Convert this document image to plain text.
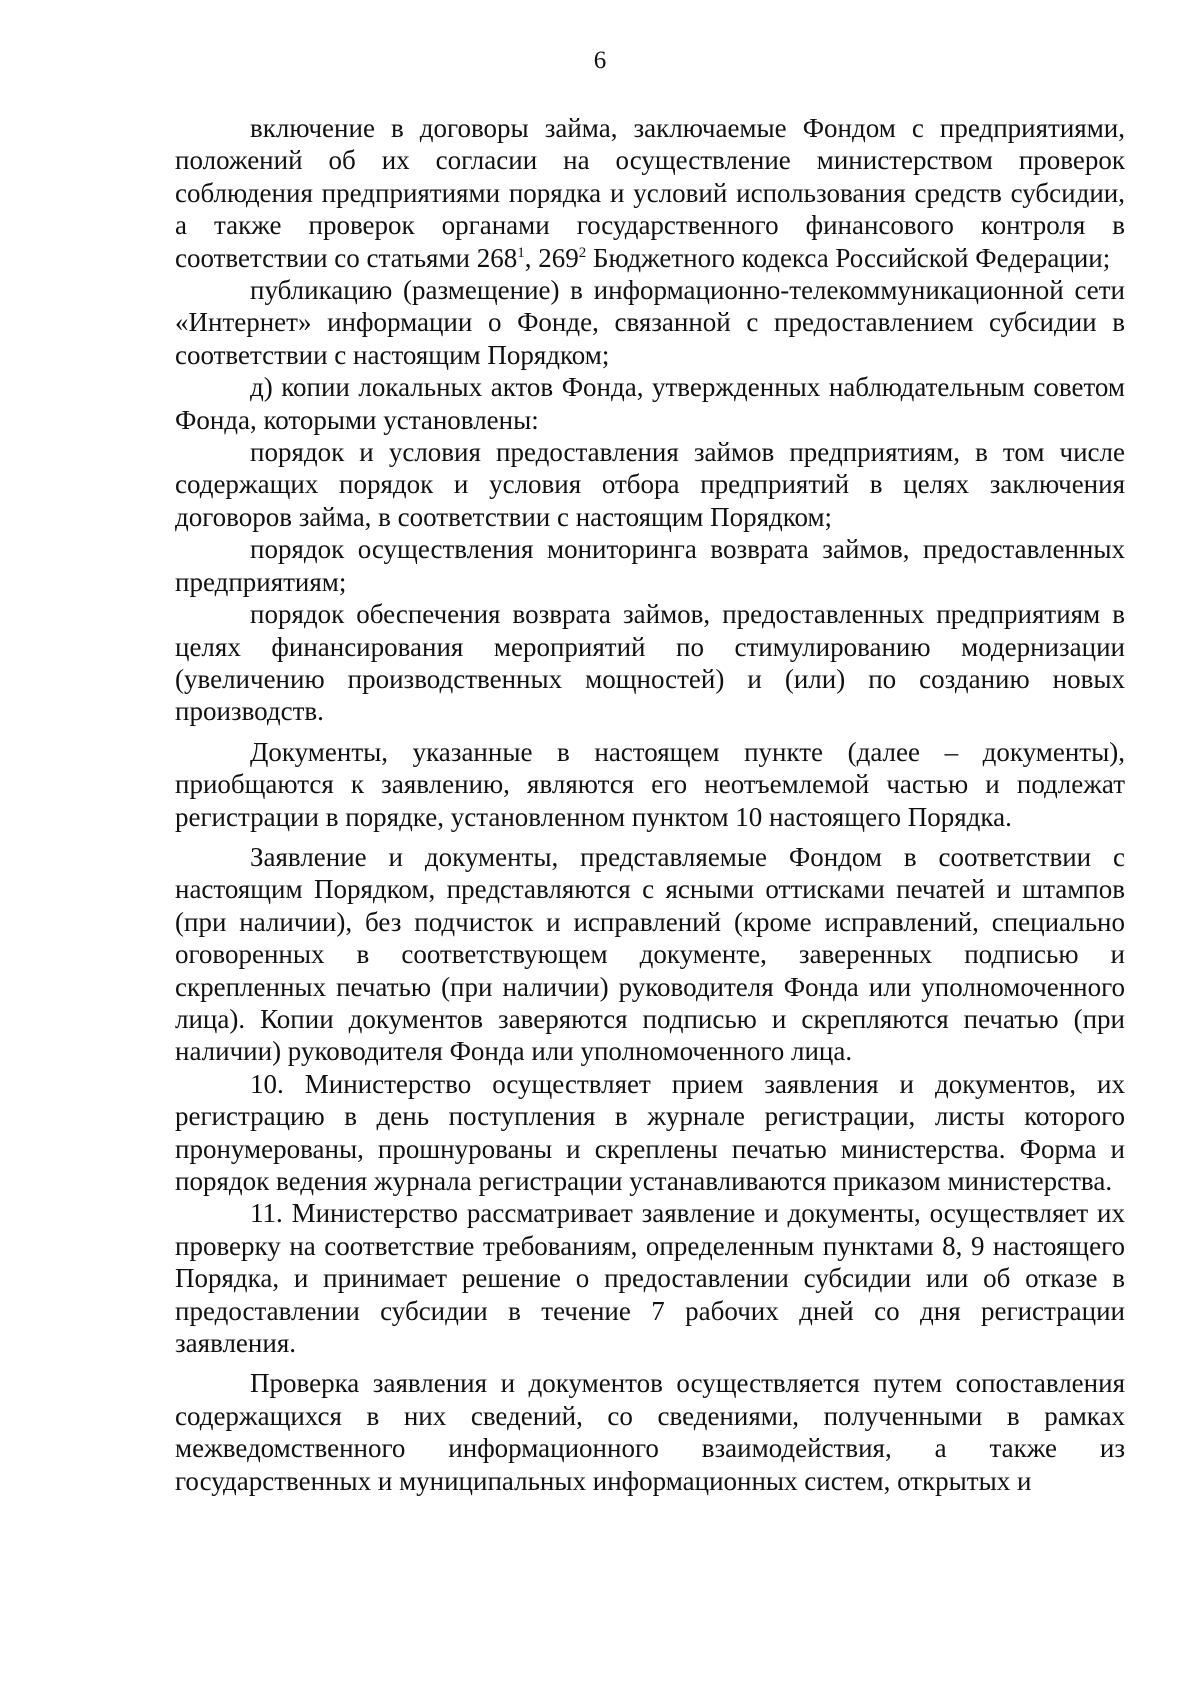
6

включение в договоры займа, заключаемые Фондом с предприятиями, положений об их согласии на осуществление министерством проверок соблюдения предприятиями порядка и условий использования средств субсидии, а также проверок органами государственного финансового контроля в соответствии со статьями $268^1$, $269^2$ Бюджетного кодекса Российской Федерации;

публикацию (размещение) в информационно-телекоммуникационной сети «Интернет» информации о Фонде, связанной с предоставлением субсидии в соответствии с настоящим Порядком;

д) копии локальных актов Фонда, утвержденных наблюдательным советом Фонда, которыми установлены:

порядок и условия предоставления займов предприятиям, в том числе содержащих порядок и условия отбора предприятий в целях заключения договоров займа, в соответствии с настоящим Порядком;

порядок осуществления мониторинга возврата займов, предоставленных предприятиям;

порядок обеспечения возврата займов, предоставленных предприятиям в целях финансирования мероприятий по стимулированию модернизации (увеличению производственных мощностей) и (или) по созданию новых производств.

Документы, указанные в настоящем пункте (далее – документы), приобщаются к заявлению, являются его неотъемлемой частью и подлежат регистрации в порядке, установленном пунктом 10 настоящего Порядка.

Заявление и документы, представляемые Фондом в соответствии с настоящим Порядком, представляются с ясными оттисками печатей и штампов (при наличии), без подчисток и исправлений (кроме исправлений, специально оговоренных в соответствующем документе, заверенных подписью и скрепленных печатью (при наличии) руководителя Фонда или уполномоченного лица). Копии документов заверяются подписью и скрепляются печатью (при наличии) руководителя Фонда или уполномоченного лица.

10. Министерство осуществляет прием заявления и документов, их регистрацию в день поступления в журнале регистрации, листы которого пронумерованы, прошнурованы и скреплены печатью министерства. Форма и порядок ведения журнала регистрации устанавливаются приказом министерства.

11. Министерство рассматривает заявление и документы, осуществляет их проверку на соответствие требованиям, определенным пунктами 8, 9 настоящего Порядка, и принимает решение о предоставлении субсидии или об отказе в предоставлении субсидии в течение 7 рабочих дней со дня регистрации заявления.

Проверка заявления и документов осуществляется путем сопоставления содержащихся в них сведений, со сведениями, полученными в рамках межведомственного информационного взаимодействия, а также из государственных и муниципальных информационных систем, открытых и
